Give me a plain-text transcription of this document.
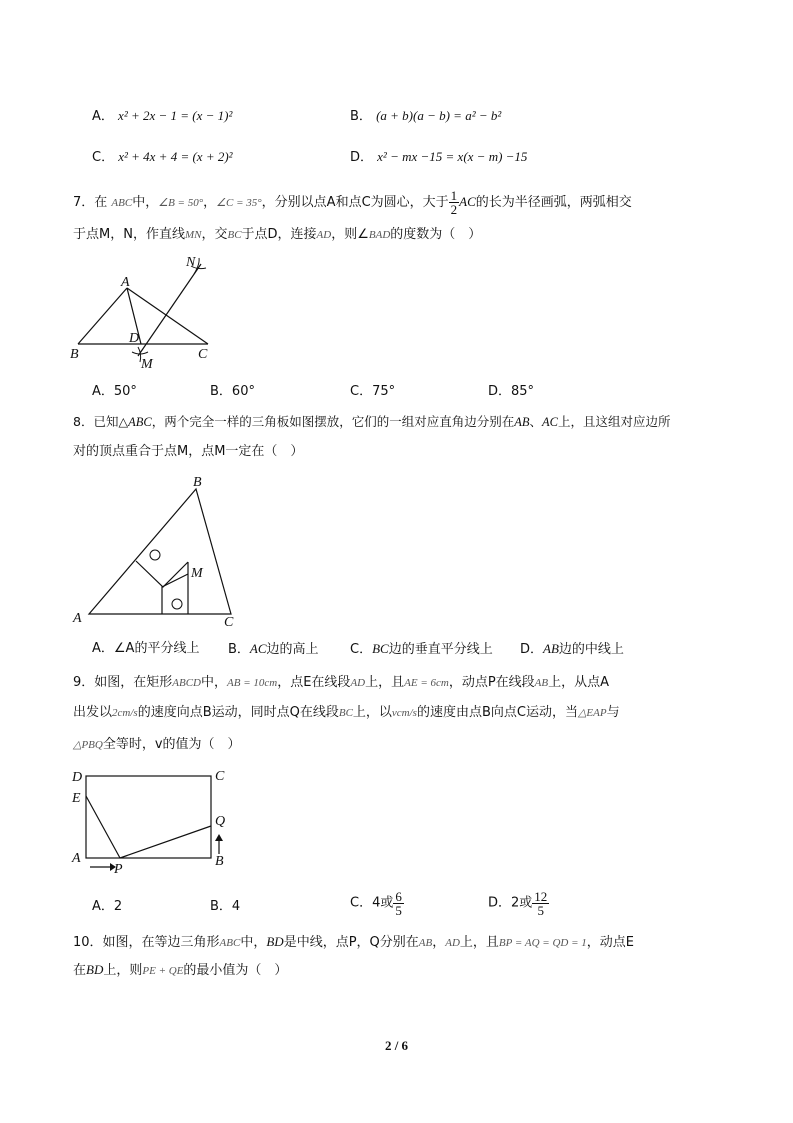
A． x² + 2x − 1 = (x − 1)²	B． (a + b)(a − b) = a² − b²
C． x² + 4x + 4 = (x + 2)²	D． x² − mx −15 = x(x − m) −15
7．在 ABC中，∠B = 50°，∠C = 35°，分别以点A和点C为圆心，大于 $\frac{1}{2}$ AC的长为半径画弧，两弧相交
于点M，N，作直线MN，交BC于点D，连接AD，则∠BAD的度数为（　）
A
B	C
D
M
N
A．50°	B．60°	C．75°	D．85°
8．已知△ABC，两个完全一样的三角板如图摆放，它们的一组对应直角边分别在AB、AC上，且这组对应边所
对的顶点重合于点M，点M一定在（　）
A
B
C
M
A．∠A的平分线上 B．AC边的高上 C．BC边的垂直平分线上 D．AB边的中线上
9．如图，在矩形ABCD中，AB = 10cm，点E在线段AD上，且AE = 6cm，动点P在线段AB上，从点A
出发以2cm/s的速度向点B运动，同时点Q在线段BC上，以vcm/s的速度由点B向点C运动，当△EAP与
△PBQ全等时，v的值为（　）
D
E
A
P
B
Q
C
A．2	B．4	C．4或 $\frac{6}{5}$	D．2或 $\frac{12}{5}$
10．如图，在等边三角形ABC中，BD是中线，点P，Q分别在AB，AD上，且BP = AQ = QD = 1，动点E
在BD上，则PE + QE的最小值为（　）
2 / 6
